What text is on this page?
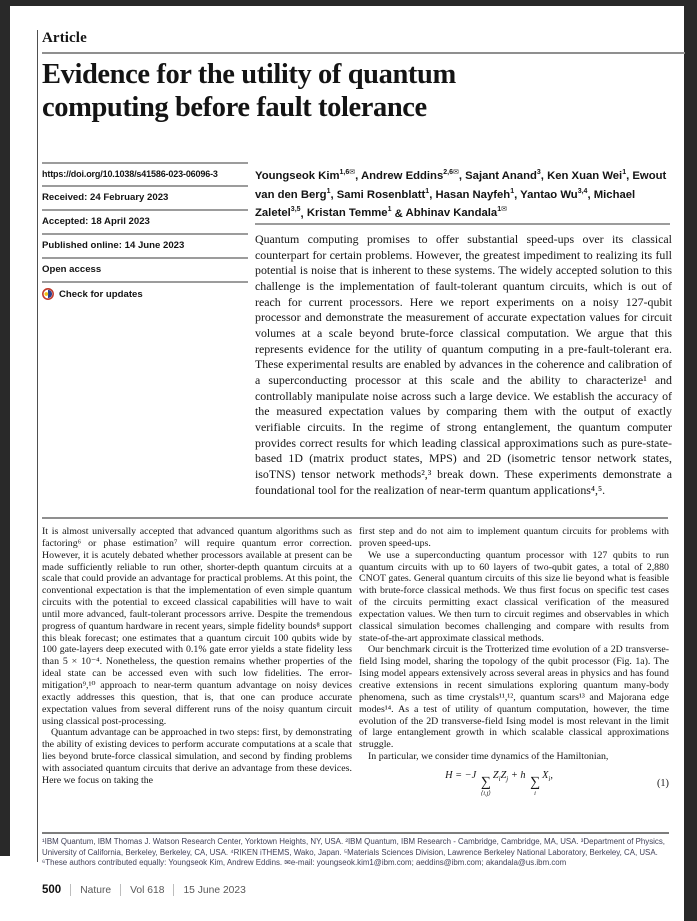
Article
Evidence for the utility of quantum computing before fault tolerance
https://doi.org/10.1038/s41586-023-06096-3
Received: 24 February 2023
Accepted: 18 April 2023
Published online: 14 June 2023
Open access
Check for updates
Youngseok Kim$^{1,6✉}$, Andrew Eddins$^{2,6✉}$, Sajant Anand$^3$, Ken Xuan Wei$^1$, Ewout van den Berg$^1$, Sami Rosenblatt$^1$, Hasan Nayfeh$^1$, Yantao Wu$^{3,4}$, Michael Zaletel$^{3,5}$, Kristan Temme$^1$ & Abhinav Kandala$^{1✉}$

Quantum computing promises to offer substantial speed-ups over its classical counterpart for certain problems. However, the greatest impediment to realizing its full potential is noise that is inherent to these systems. The widely accepted solution to this challenge is the implementation of fault-tolerant quantum circuits, which is out of reach for current processors. Here we report experiments on a noisy 127-qubit processor and demonstrate the measurement of accurate expectation values for circuit volumes at a scale beyond brute-force classical computation. We argue that this represents evidence for the utility of quantum computing in a pre-fault-tolerant era. These experimental results are enabled by advances in the coherence and calibration of a superconducting processor at this scale and the ability to characterize¹ and controllably manipulate noise across such a large device. We establish the accuracy of the measured expectation values by comparing them with the output of exactly verifiable circuits. In the regime of strong entanglement, the quantum computer provides correct results for which leading classical approximations such as pure-state-based 1D (matrix product states, MPS) and 2D (isometric tensor network states, isoTNS) tensor network methods²,³ break down. These experiments demonstrate a foundational tool for the realization of near-term quantum applications⁴,⁵.

It is almost universally accepted that advanced quantum algorithms such as factoring⁶ or phase estimation⁷ will require quantum error correction. However, it is acutely debated whether processors available at present can be made sufficiently reliable to run other, shorter-depth quantum circuits at a scale that could provide an advantage for practical problems. At this point, the conventional expectation is that the implementation of even simple quantum circuits with the potential to exceed classical capabilities will have to wait until more advanced, fault-tolerant processors arrive. Despite the tremendous progress of quantum hardware in recent years, simple fidelity bounds⁸ support this bleak forecast; one estimates that a quantum circuit 100 qubits wide by 100 gate-layers deep executed with 0.1% gate error yields a state fidelity less than 5 × 10⁻⁴. Nonetheless, the question remains whether properties of the ideal state can be accessed even with such low fidelities. The error-mitigation⁹,¹⁰ approach to near-term quantum advantage on noisy devices exactly addresses this question, that is, that one can produce accurate expectation values from several different runs of the noisy quantum circuit using classical post-processing.

Quantum advantage can be approached in two steps: first, by demonstrating the ability of existing devices to perform accurate computations at a scale that lies beyond brute-force classical simulation, and second by finding problems with associated quantum circuits that derive an advantage from these devices. Here we focus on taking the

first step and do not aim to implement quantum circuits for problems with proven speed-ups.

We use a superconducting quantum processor with 127 qubits to run quantum circuits with up to 60 layers of two-qubit gates, a total of 2,880 CNOT gates. General quantum circuits of this size lie beyond what is feasible with brute-force classical methods. We thus first focus on specific test cases of the circuits permitting exact classical verification of the measured expectation values. We then turn to circuit regimes and observables in which classical simulation becomes challenging and compare with results from state-of-the-art approximate classical methods.

Our benchmark circuit is the Trotterized time evolution of a 2D transverse-field Ising model, sharing the topology of the qubit processor (Fig. 1a). The Ising model appears extensively across several areas in physics and has found creative extensions in recent simulations exploring quantum many-body phenomena, such as time crystals¹¹,¹², quantum scars¹³ and Majorana edge modes¹⁴. As a test of utility of quantum computation, however, the time evolution of the 2D transverse-field Ising model is most relevant in the limit of large entanglement growth in which scalable classical approximations struggle.

In particular, we consider time dynamics of the Hamiltonian,

H = −J ∑
⟨i,j⟩
$Z_iZ_j + h$ ∑
i
$X_i$,
(1)
¹IBM Quantum, IBM Thomas J. Watson Research Center, Yorktown Heights, NY, USA. ²IBM Quantum, IBM Research - Cambridge, Cambridge, MA, USA. ³Department of Physics, University of California, Berkeley, Berkeley, CA, USA. ⁴RIKEN iTHEMS, Wako, Japan. ⁵Materials Sciences Division, Lawrence Berkeley National Laboratory, Berkeley, CA, USA. ⁶These authors contributed equally: Youngseok Kim, Andrew Eddins. ✉e-mail: youngseok.kim1@ibm.com; aeddins@ibm.com; akandala@us.ibm.com
500 Nature Vol 618 15 June 2023
